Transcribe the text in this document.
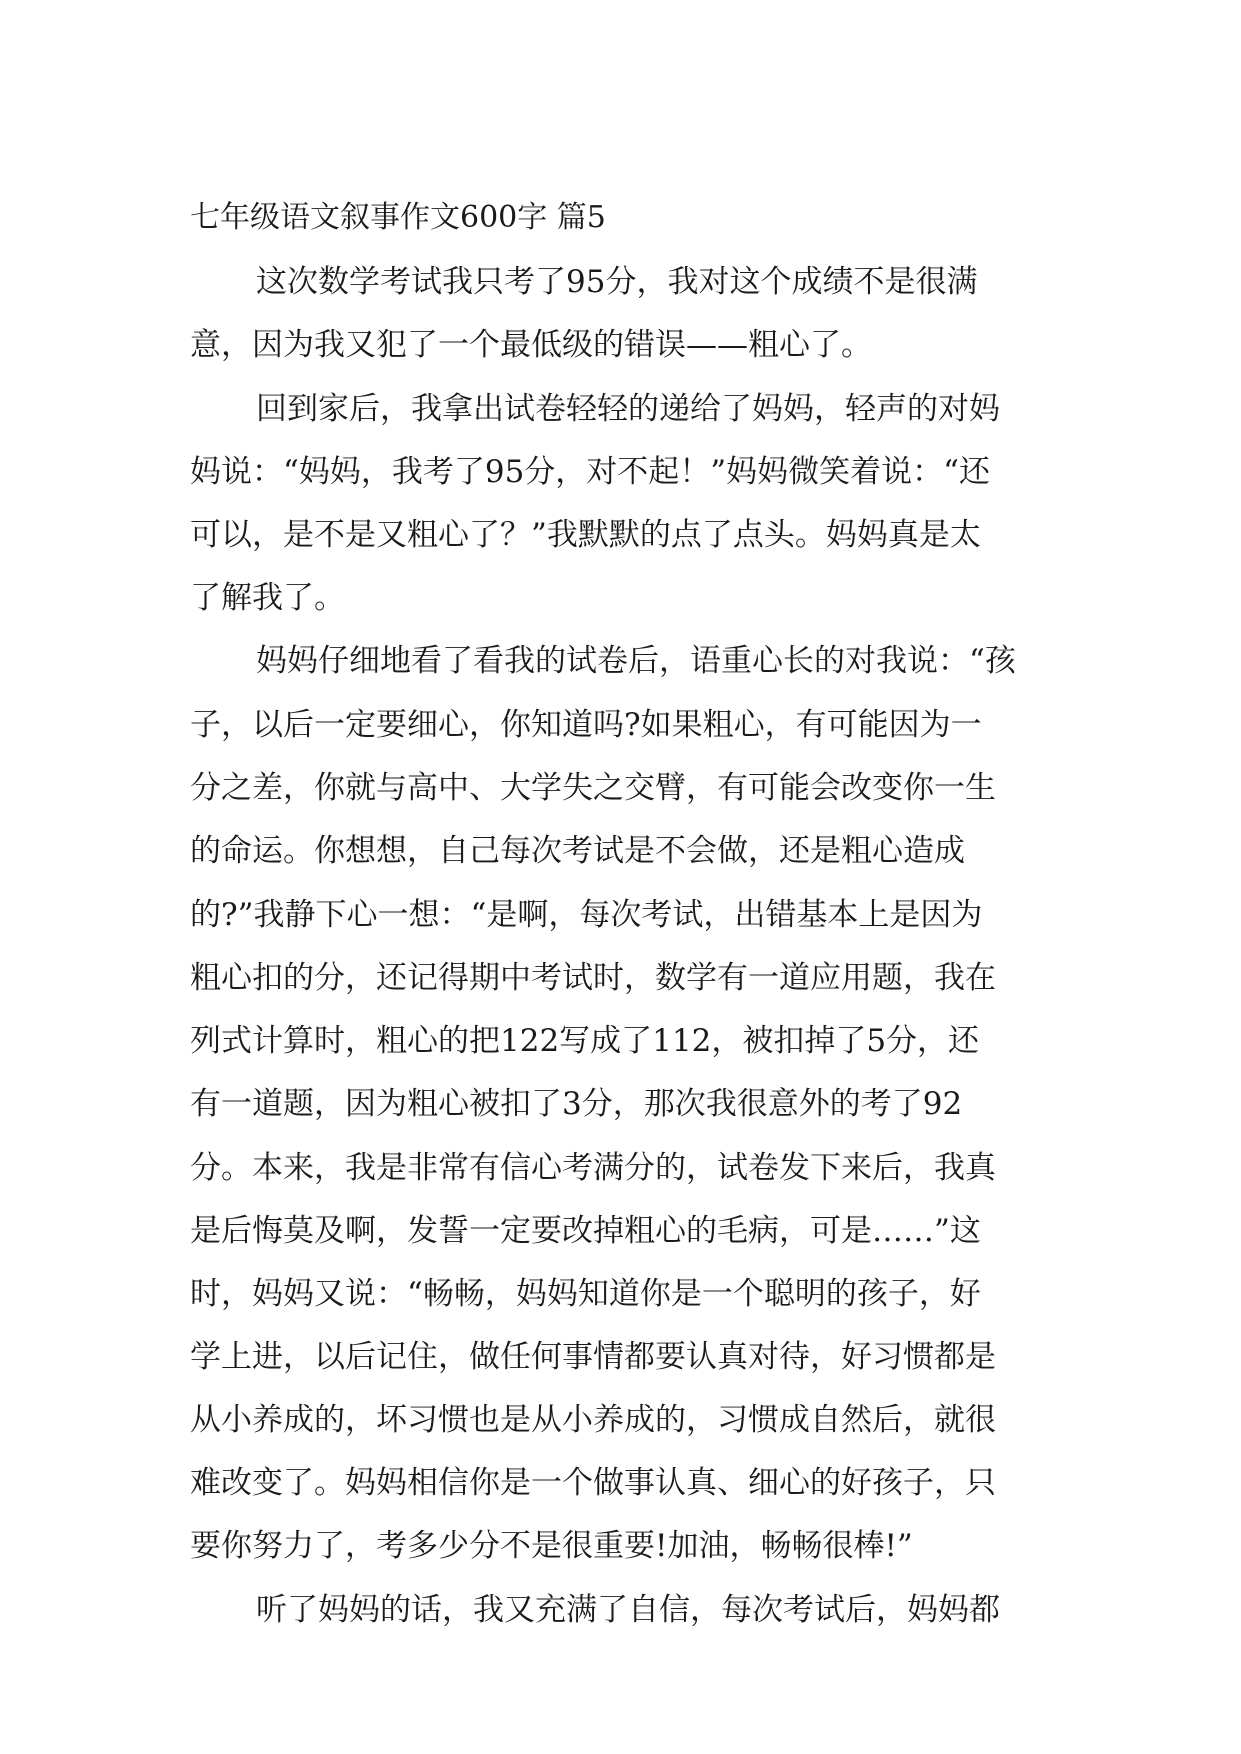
七年级语文叙事作文600字 篇5

这次数学考试我只考了95分，我对这个成绩不是很满

意，因为我又犯了一个最低级的错误——粗心了。

回到家后，我拿出试卷轻轻的递给了妈妈，轻声的对妈

妈说：“妈妈，我考了95分，对不起！”妈妈微笑着说：“还

可以，是不是又粗心了？”我默默的点了点头。妈妈真是太

了解我了。

妈妈仔细地看了看我的试卷后，语重心长的对我说：“孩

子，以后一定要细心，你知道吗?如果粗心，有可能因为一

分之差，你就与高中、大学失之交臂，有可能会改变你一生

的命运。你想想，自己每次考试是不会做，还是粗心造成

的?”我静下心一想：“是啊，每次考试，出错基本上是因为

粗心扣的分，还记得期中考试时，数学有一道应用题，我在

列式计算时，粗心的把122写成了112，被扣掉了5分，还

有一道题，因为粗心被扣了3分，那次我很意外的考了92

分。本来，我是非常有信心考满分的，试卷发下来后，我真

是后悔莫及啊，发誓一定要改掉粗心的毛病，可是……”这

时，妈妈又说：“畅畅，妈妈知道你是一个聪明的孩子，好

学上进，以后记住，做任何事情都要认真对待，好习惯都是

从小养成的，坏习惯也是从小养成的，习惯成自然后，就很

难改变了。妈妈相信你是一个做事认真、细心的好孩子，只

要你努力了，考多少分不是很重要!加油，畅畅很棒!”

听了妈妈的话，我又充满了自信，每次考试后，妈妈都
